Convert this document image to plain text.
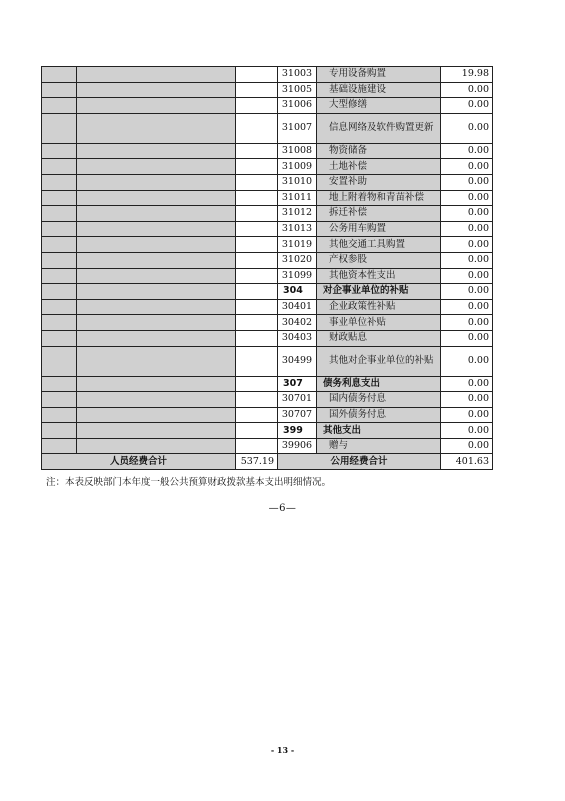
			31003	专用设备购置	19.98
			31005	基础设施建设	0.00
			31006	大型修缮	0.00
			31007	信息网络及软件购置更新	0.00
			31008	物资储备	0.00
			31009	土地补偿	0.00
			31010	安置补助	0.00
			31011	地上附着物和青苗补偿	0.00
			31012	拆迁补偿	0.00
			31013	公务用车购置	0.00
			31019	其他交通工具购置	0.00
			31020	产权参股	0.00
			31099	其他资本性支出	0.00
			304	对企事业单位的补贴	0.00
			30401	企业政策性补贴	0.00
			30402	事业单位补贴	0.00
			30403	财政贴息	0.00
			30499	其他对企事业单位的补贴	0.00
			307	债务利息支出	0.00
			30701	国内债务付息	0.00
			30707	国外债务付息	0.00
			399	其他支出	0.00
			39906	赠与	0.00
人员经费合计		537.19	公用经费合计		401.63
注：本表反映部门本年度一般公共预算财政拨款基本支出明细情况。
—6—
- 13 -
